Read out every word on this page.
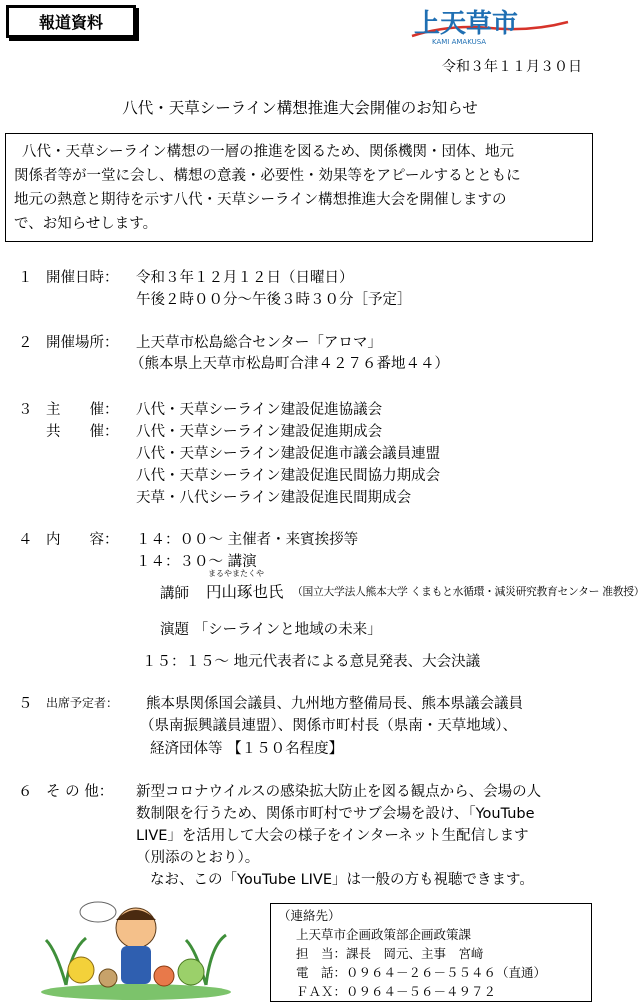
報道資料	上天草市
KAMI AMAKUSA
令和３年１１月３０日
八代・天草シーライン構想推進大会開催のお知らせ
八代・天草シーライン構想の一層の推進を図るため、関係機関・団体、地元
関係者等が一堂に会し、構想の意義・必要性・効果等をアピールするとともに
地元の熱意と期待を示す八代・天草シーライン構想推進大会を開催しますの
で、お知らせします。
１ 開催日時： 令和３年１２月１２日（日曜日）
午後２時００分～午後３時３０分［予定］
２ 開催場所： 上天草市松島総合センター「アロマ」
（熊本県上天草市松島町合津４２７６番地４４）
３ 主　　催： 八代・天草シーライン建設促進協議会
共　　催： 八代・天草シーライン建設促進期成会
八代・天草シーライン建設促進市議会議員連盟
八代・天草シーライン建設促進民間協力期成会
天草・八代シーライン建設促進民間期成会
４ 内　　容： １４：００～ 主催者・来賓挨拶等
１４：３０～ 講演
まるやまたくや
講師 円山琢也氏 （国立大学法人熊本大学 くまもと水循環・減災研究教育センター 准教授）
演題 「シーラインと地域の未来」
１５：１５～ 地元代表者による意見発表、大会決議
５ 出席予定者： 熊本県関係国会議員、九州地方整備局長、熊本県議会議員
（県南振興議員連盟）、関係市町村長（県南・天草地域）、
経済団体等 【１５０名程度】
６ そ の 他： 新型コロナウイルスの感染拡大防止を図る観点から、会場の人
数制限を行うため、関係市町村でサブ会場を設け、「YouTube
LIVE」を活用して大会の様子をインターネット生配信します
（別添のとおり）。
なお、この「YouTube LIVE」は一般の方も視聴できます。
（連絡先）
上天草市企画政策部企画政策課
担　当：課長　岡元、主事　宮﨑
電　話：０９６４－２６－５５４６（直通）
ＦＡＸ：０９６４－５６－４９７２
